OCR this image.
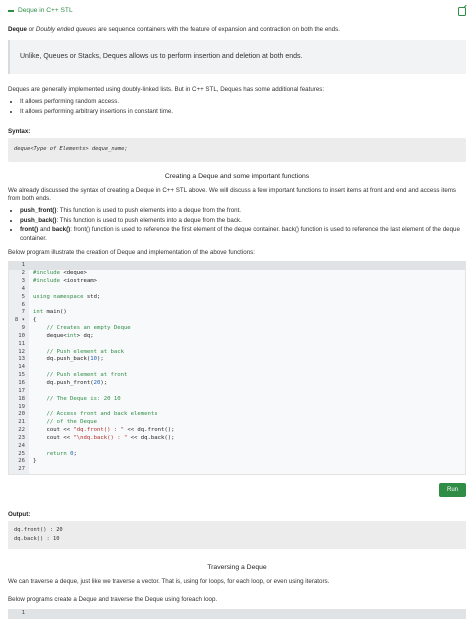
Deque in C++ STL

Deque or Doubly ended queues are sequence containers with the feature of expansion and contraction on both the ends.

Unlike, Queues or Stacks, Deques allows us to perform insertion and deletion at both ends.

Deques are generally implemented using doubly-linked lists. But in C++ STL, Deques has some additional features:

• It allows performing random access.
• It allows performing arbitrary insertions in constant time.
Syntax:
deque<Type of Elements> deque_name;
Creating a Deque and some important functions

We already discussed the syntax of creating a Deque in C++ STL above. We will discuss a few important functions to insert items at front and end and access items from both ends.

• push_front(): This function is used to push elements into a deque from the front.
• push_back(): This function is used to push elements into a deque from the back.
• front() and back(): front() function is used to reference the first element of the deque container. back() function is used to reference the last element of the deque container.

Below program illustrate the creation of Deque and implementation of the above functions:

1

2	#include <deque>
3	#include <iostream>
4

5	using namespace std;
6

7	int main()
8 ▾	{
9	// Creates an empty Deque
10	deque<int> dq;
11

12	// Push element at back
13	dq.push_back(10);
14

15	// Push element at front
16	dq.push_front(20);
17

18	// The Deque is: 20 10
19

20	// Access front and back elements
21	// of the Deque
22	cout << "dq.front() : " << dq.front();
23	cout << "\ndq.back() : " << dq.back();
24

25	return 0;
26	}
27

Run
Output:
dq.front() : 20
dq.back() : 10
Traversing a Deque

We can traverse a deque, just like we traverse a vector. That is, using for loops, for each loop, or even using iterators.

Below programs create a Deque and traverse the Deque using foreach loop.

1
